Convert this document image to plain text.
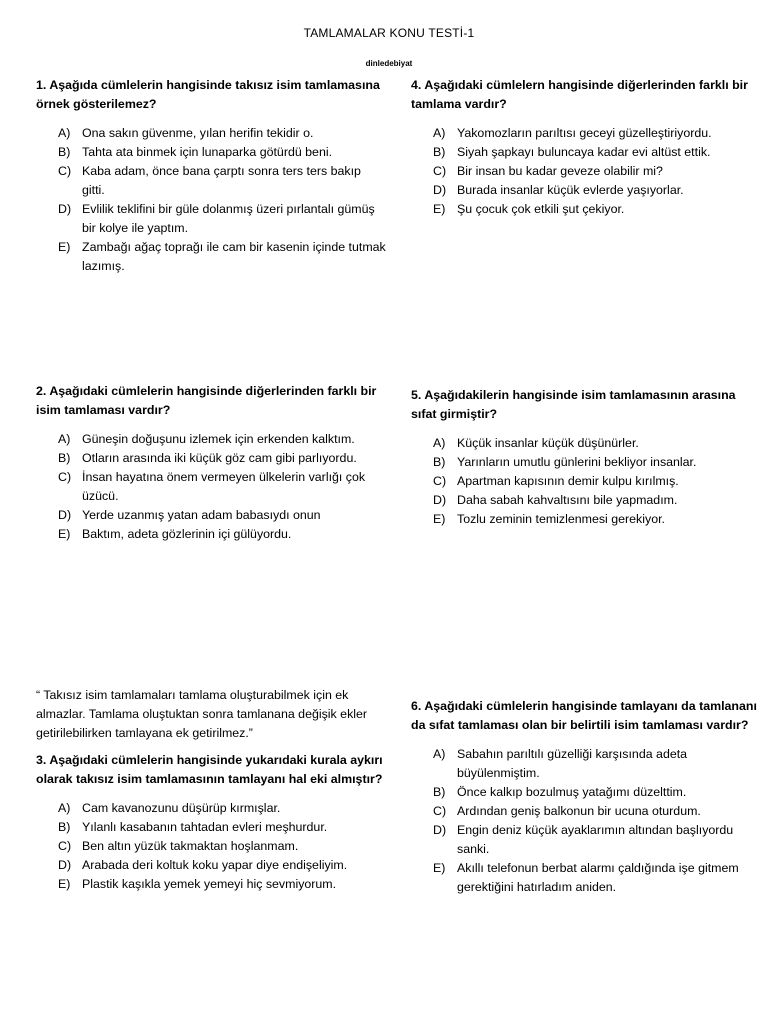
TAMLAMALAR KONU TESTİ-1
dinledebiyat

1. Aşağıda cümlelerin hangisinde takısız isim tamlamasına örnek gösterilemez?

A) Ona sakın güvenme, yılan herifin tekidir o.
B) Tahta ata binmek için lunaparka götürdü beni.
C) Kaba adam, önce bana çarptı sonra ters ters bakıp gitti.
D) Evlilik teklifini bir güle dolanmış üzeri pırlantalı gümüş bir kolye ile yaptım.
E) Zambağı ağaç toprağı ile cam bir kasenin içinde tutmak lazımış.

2. Aşağıdaki cümlelerin hangisinde diğerlerinden farklı bir isim tamlaması vardır?

A) Güneşin doğuşunu izlemek için erkenden kalktım.
B) Otların arasında iki küçük göz cam gibi parlıyordu.
C) İnsan hayatına önem vermeyen ülkelerin varlığı çok üzücü.
D) Yerde uzanmış yatan adam babasıydı onun
E) Baktım, adeta gözlerinin içi gülüyordu.

“ Takısız isim tamlamaları tamlama oluşturabilmek için ek almazlar. Tamlama oluştuktan sonra tamlanana değişik ekler getirilebilirken tamlayana ek getirilmez.”

3. Aşağıdaki cümlelerin hangisinde yukarıdaki kurala aykırı olarak takısız isim tamlamasının tamlayanı hal eki almıştır?

A) Cam kavanozunu düşürüp kırmışlar.
B) Yılanlı kasabanın tahtadan evleri meşhurdur.
C) Ben altın yüzük takmaktan hoşlanmam.
D) Arabada deri koltuk koku yapar diye endişeliyim.
E) Plastik kaşıkla yemek yemeyi hiç sevmiyorum.

4. Aşağıdaki cümlelern hangisinde diğerlerinden farklı bir tamlama vardır?

A) Yakomozların parıltısı geceyi güzelleştiriyordu.
B) Siyah şapkayı buluncaya kadar evi altüst ettik.
C) Bir insan bu kadar geveze olabilir mi?
D) Burada insanlar küçük evlerde yaşıyorlar.
E) Şu çocuk çok etkili şut çekiyor.

5. Aşağıdakilerin hangisinde isim tamlamasının arasına sıfat girmiştir?

A) Küçük insanlar küçük düşünürler.
B) Yarınların umutlu günlerini bekliyor insanlar.
C) Apartman kapısının demir kulpu kırılmış.
D) Daha sabah kahvaltısını bile yapmadım.
E) Tozlu zeminin temizlenmesi gerekiyor.

6. Aşağıdaki cümlelerin hangisinde tamlayanı da tamlananı da sıfat tamlaması olan bir belirtili isim tamlaması vardır?

A) Sabahın parıltılı güzelliği karşısında adeta büyülenmiştim.
B) Önce kalkıp bozulmuş yatağımı düzelttim.
C) Ardından geniş balkonun bir ucuna oturdum.
D) Engin deniz küçük ayaklarımın altından başlıyordu sanki.
E) Akıllı telefonun berbat alarmı çaldığında işe gitmem gerektiğini hatırladım aniden.
